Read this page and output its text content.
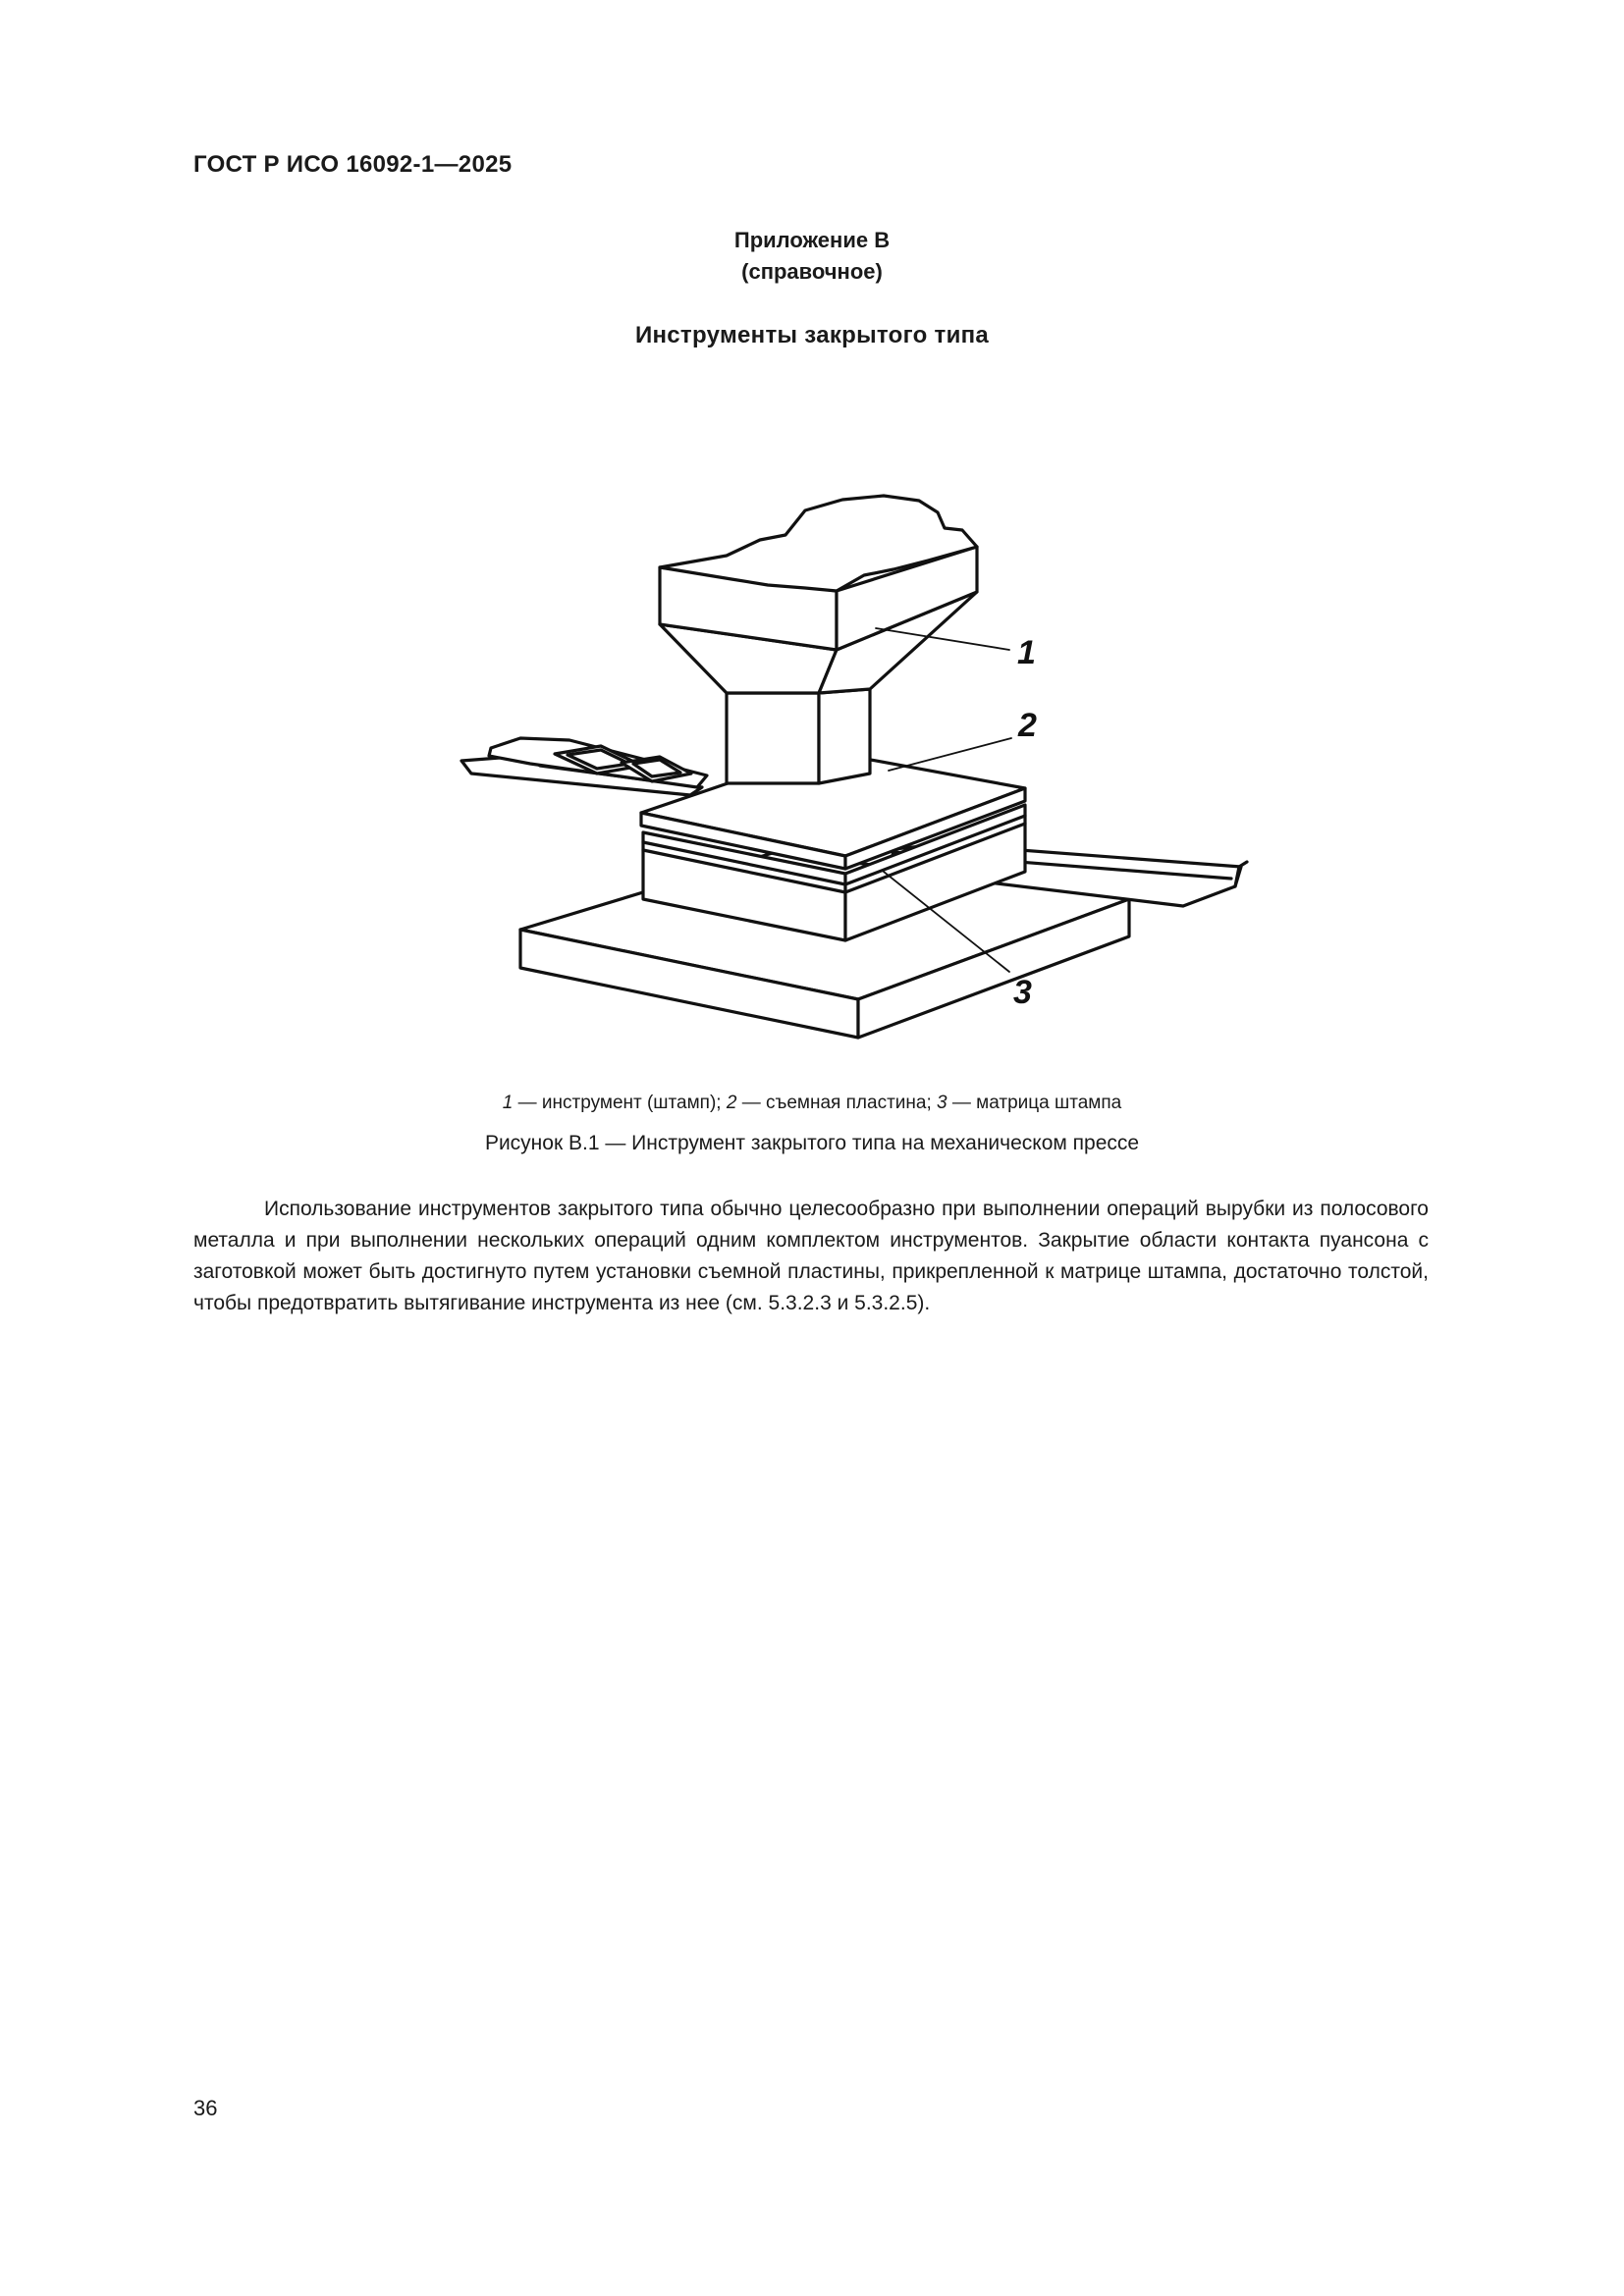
ГОСТ Р ИСО 16092-1—2025
Приложение В
(справочное)
Инструменты закрытого типа
1
2
3
1 — инструмент (штамп); 2 — съемная пластина; 3 — матрица штампа
Рисунок В.1 — Инструмент закрытого типа на механическом прессе

Использование инструментов закрытого типа обычно целесообразно при выполнении операций вырубки из полосового металла и при выполнении нескольких операций одним комплектом инструментов. Закрытие области контакта пуансона с заготовкой может быть достигнуто путем установки съемной пластины, прикрепленной к матрице штампа, достаточно толстой, чтобы предотвратить вытягивание инструмента из нее (см. 5.3.2.3 и 5.3.2.5).

36
